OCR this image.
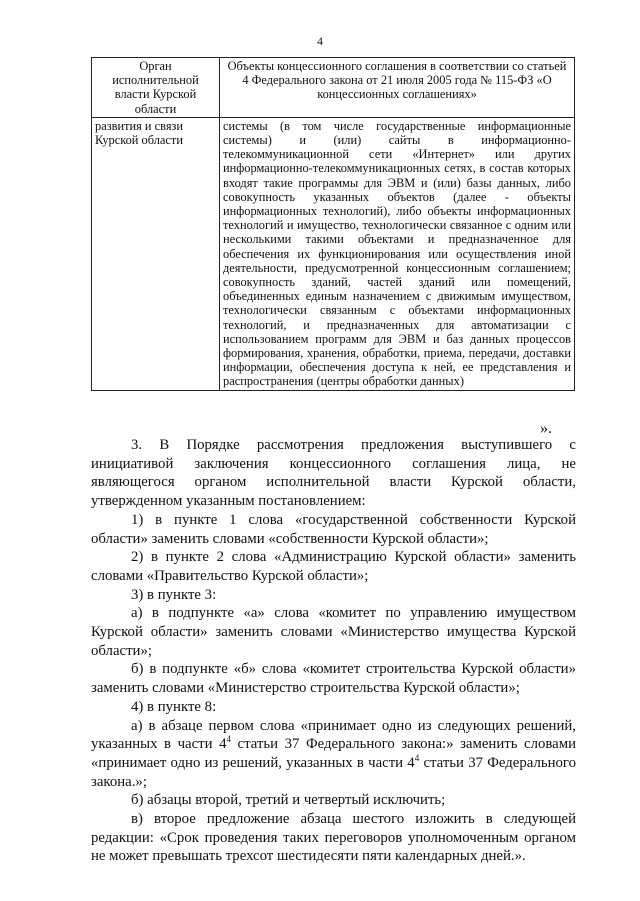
4
Орган исполнительной власти Курской области	Объекты концессионного соглашения в соответствии со статьей 4 Федерального закона от 21 июля 2005 года № 115-ФЗ «О концессионных соглашениях»
развития и связи Курской области	системы (в том числе государственные информационные системы) и (или) сайты в информационно-телекоммуникационной сети «Интернет» или других информационно-телекоммуникационных сетях, в состав которых входят такие программы для ЭВМ и (или) базы данных, либо совокупность указанных объектов (далее - объекты информационных технологий), либо объекты информационных технологий и имущество, технологически связанное с одним или несколькими такими объектами и предназначенное для обеспечения их функционирования или осуществления иной деятельности, предусмотренной концессионным соглашением; совокупность зданий, частей зданий или помещений, объединенных единым назначением с движимым имуществом, технологически связанным с объектами информационных технологий, и предназначенных для автоматизации с использованием программ для ЭВМ и баз данных процессов формирования, хранения, обработки, приема, передачи, доставки информации, обеспечения доступа к ней, ее представления и распространения (центры обработки данных)
».

3. В Порядке рассмотрения предложения выступившего с инициативой заключения концессионного соглашения лица, не являющегося органом исполнительной власти Курской области, утвержденном указанным постановлением:

1) в пункте 1 слова «государственной собственности Курской области» заменить словами «собственности Курской области»;

2) в пункте 2 слова «Администрацию Курской области» заменить словами «Правительство Курской области»;

3) в пункте 3:

а) в подпункте «а» слова «комитет по управлению имуществом Курской области» заменить словами «Министерство имущества Курской области»;

б) в подпункте «б» слова «комитет строительства Курской области» заменить словами «Министерство строительства Курской области»;

4) в пункте 8:

а) в абзаце первом слова «принимает одно из следующих решений, указанных в части $4^4$ статьи 37 Федерального закона:» заменить словами «принимает одно из решений, указанных в части $4^4$ статьи 37 Федерального закона.»;

б) абзацы второй, третий и четвертый исключить;

в) второе предложение абзаца шестого изложить в следующей редакции: «Срок проведения таких переговоров уполномоченным органом не может превышать трехсот шестидесяти пяти календарных дней.».
